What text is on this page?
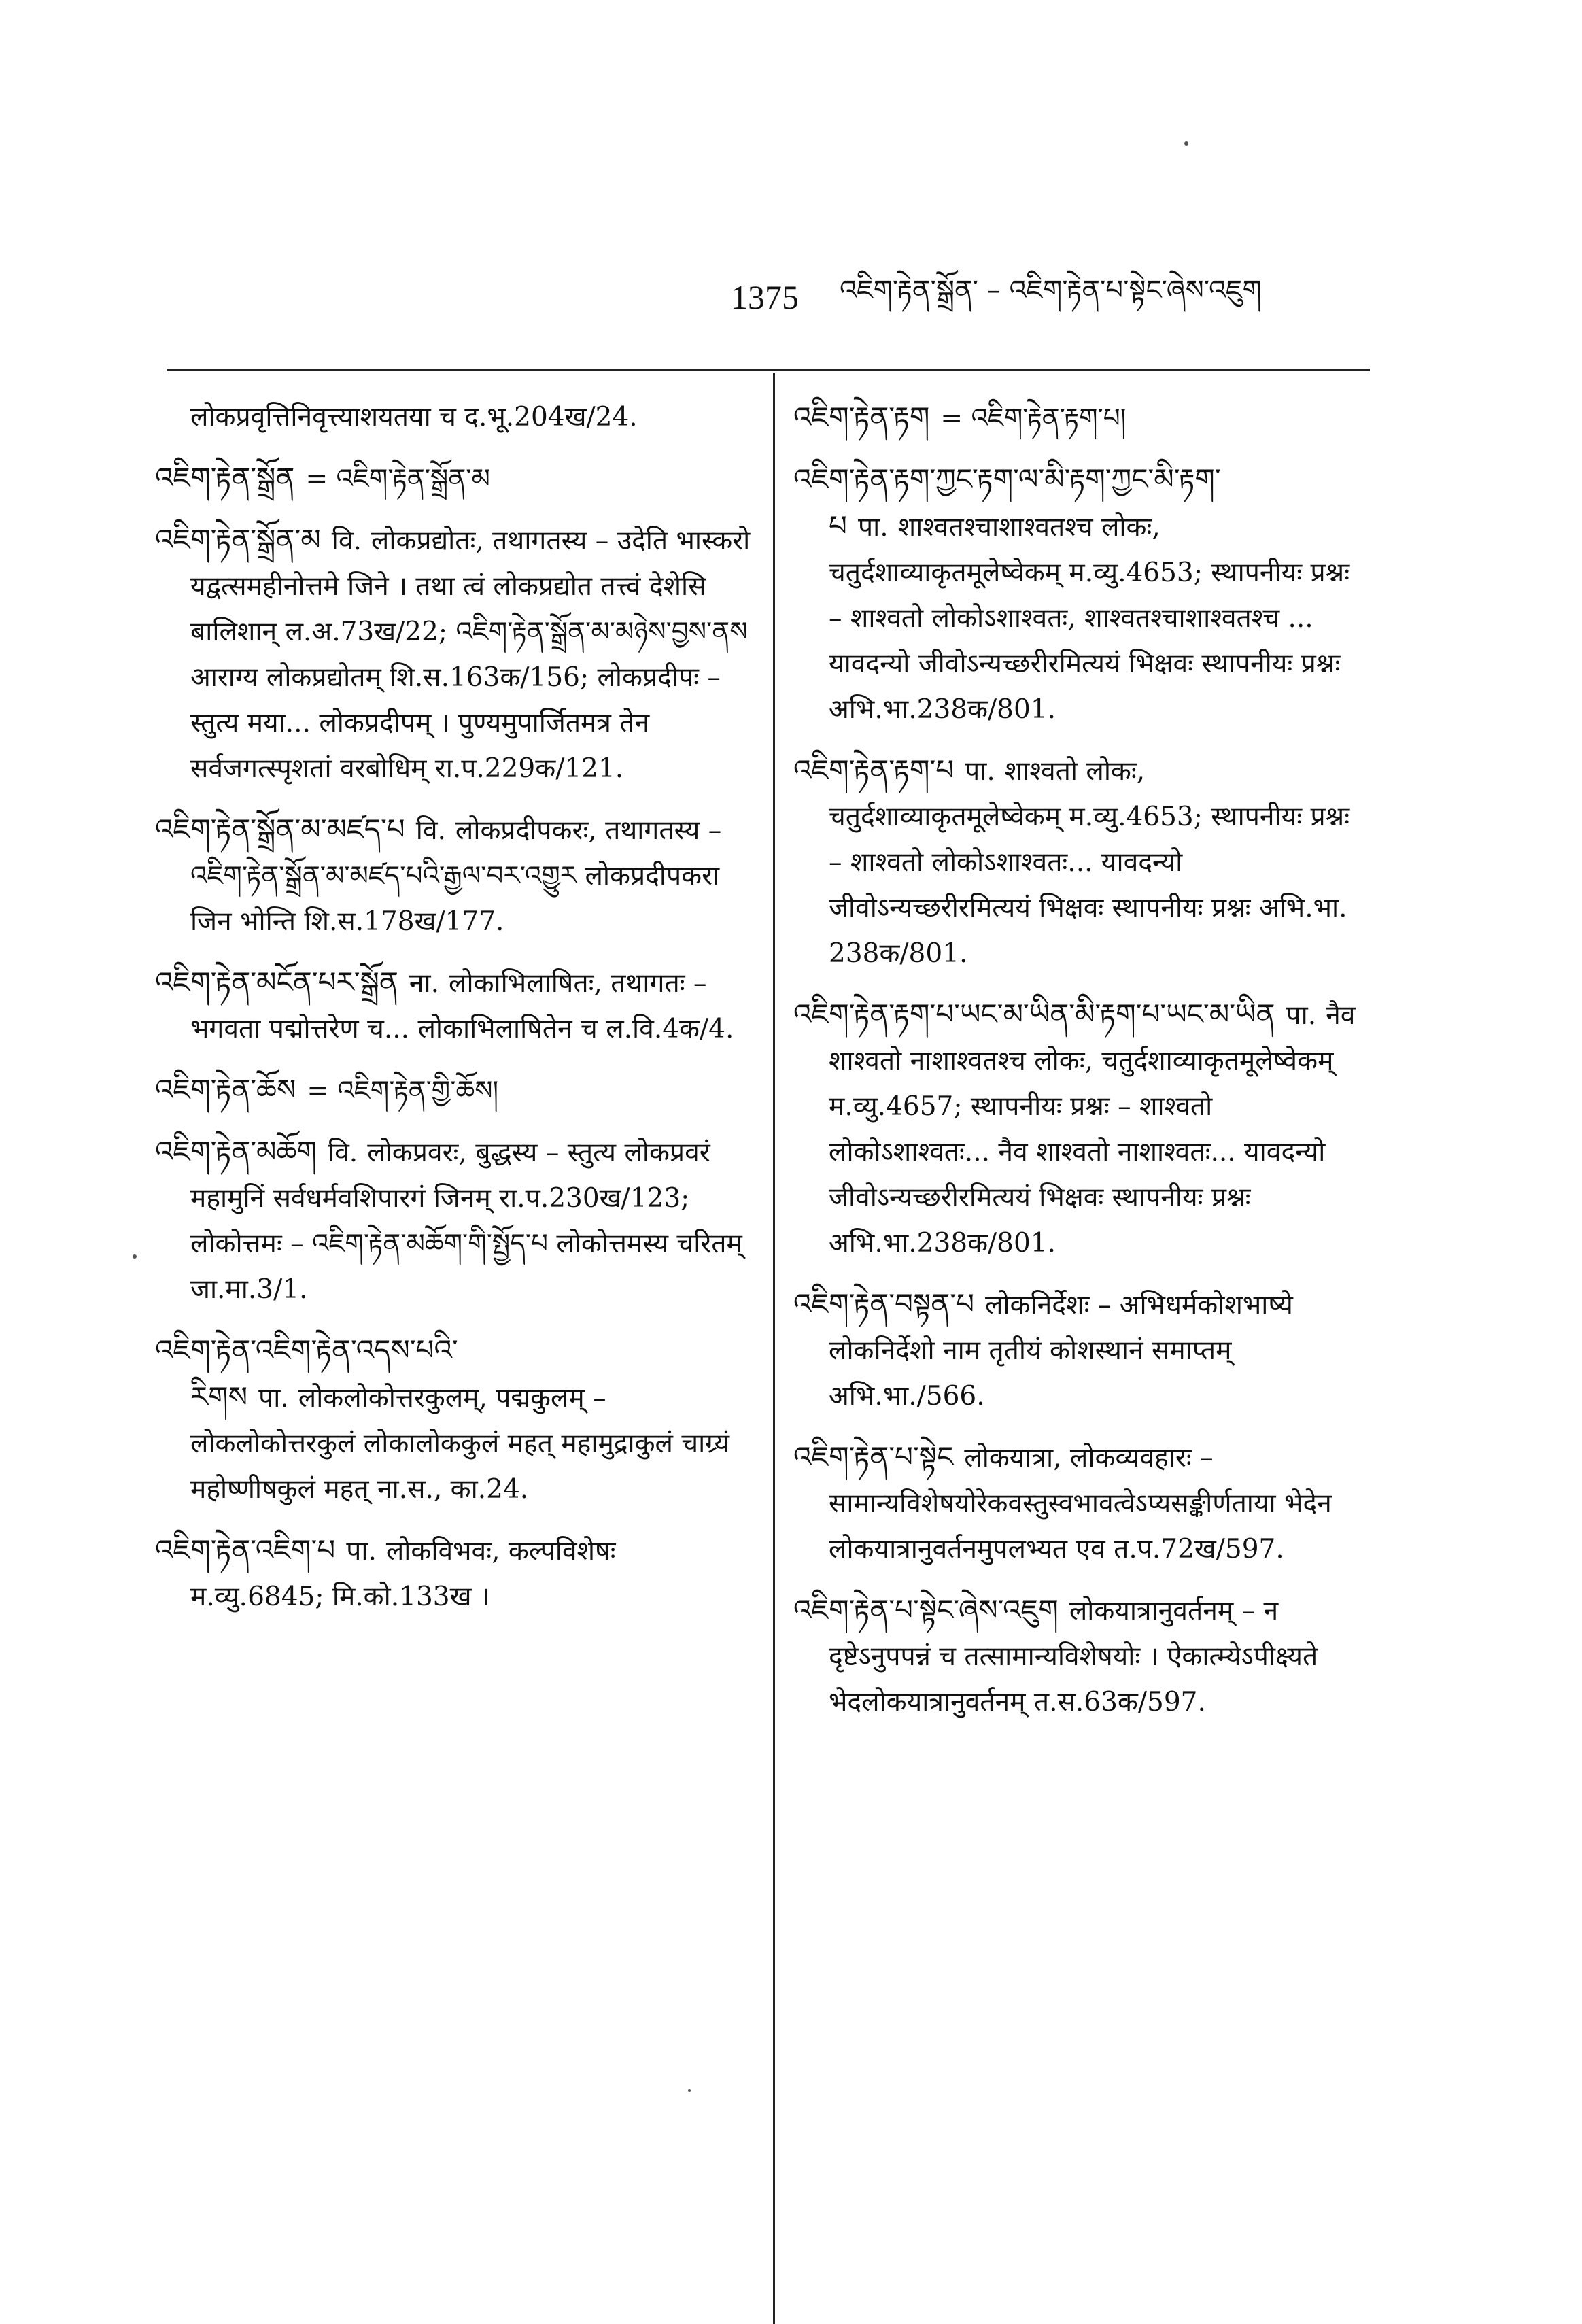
1375 འཇིག་རྟེན་སྒྲོན་ – འཇིག་རྟེན་པ་སྟེང་ཞེས་འཇུག

लोकप्रवृत्तिनिवृत्त्याशयतया च द.भू.204ख/24.

འཇིག་རྟེན་སྒྲོན = འཇིག་རྟེན་སྒྲོན་མ

འཇིག་རྟེན་སྒྲོན་མ वि. लोकप्रद्योतः, तथागतस्य – उदेति भास्करो यद्वत्समहीनोत्तमे जिने । तथा त्वं लोकप्रद्योत तत्त्वं देशेसि बालिशान् ल.अ.73ख/22; འཇིག་རྟེན་སྒྲོན་མ་མཉེས་བྱས་ནས आराग्य लोकप्रद्योतम् शि.स.163क/156; लोकप्रदीपः – स्तुत्य मया... लोकप्रदीपम् । पुण्यमुपार्जितमत्र तेन सर्वजगत्स्पृशतां वरबोधिम् रा.प.229क/121.

འཇིག་རྟེན་སྒྲོན་མ་མཛད་པ वि. लोकप्रदीपकरः, तथागतस्य – འཇིག་རྟེན་སྒྲོན་མ་མཛད་པའི་རྒྱལ་བར་འགྱུར लोकप्रदीपकरा जिन भोन्ति शि.स.178ख/177.

འཇིག་རྟེན་མངོན་པར་སྒྲོན ना. लोकाभिलाषितः, तथागतः – भगवता पद्मोत्तरेण च... लोकाभिलाषितेन च ल.वि.4क/4.

འཇིག་རྟེན་ཆོས = འཇིག་རྟེན་གྱི་ཆོས།

འཇིག་རྟེན་མཆོག वि. लोकप्रवरः, बुद्धस्य – स्तुत्य लोकप्रवरं महामुनिं सर्वधर्मवशिपारगं जिनम् रा.प.230ख/123; लोकोत्तमः – འཇིག་རྟེན་མཆོག་གི་སྤྱོད་པ लोकोत्तमस्य चरितम् जा.मा.3/1.

འཇིག་རྟེན་འཇིག་རྟེན་འདས་པའི་རིགས पा. लोकलोकोत्तरकुलम्, पद्मकुलम् – लोकलोकोत्तरकुलं लोकालोककुलं महत् महामुद्राकुलं चाग्र्यं महोष्णीषकुलं महत् ना.स., का.24.

འཇིག་རྟེན་འཇིག་པ पा. लोकविभवः, कल्पविशेषः म.व्यु.6845; मि.को.133ख ।

འཇིག་རྟེན་རྟག = འཇིག་རྟེན་རྟག་པ།

འཇིག་རྟེན་རྟག་ཀྱང་རྟག་ལ་མི་རྟག་ཀྱང་མི་རྟག་པ पा. शाश्वतश्चाशाश्वतश्च लोकः, चतुर्दशाव्याकृतमूलेष्वेकम् म.व्यु.4653; स्थापनीयः प्रश्नः – शाश्वतो लोकोऽशाश्वतः, शाश्वतश्चाशाश्वतश्च ... यावदन्यो जीवोऽन्यच्छरीरमित्ययं भिक्षवः स्थापनीयः प्रश्नः अभि.भा.238क/801.

འཇིག་རྟེན་རྟག་པ पा. शाश्वतो लोकः, चतुर्दशाव्याकृतमूलेष्वेकम् म.व्यु.4653; स्थापनीयः प्रश्नः – शाश्वतो लोकोऽशाश्वतः... यावदन्यो जीवोऽन्यच्छरीरमित्ययं भिक्षवः स्थापनीयः प्रश्नः अभि.भा. 238क/801.

འཇིག་རྟེན་རྟག་པ་ཡང་མ་ཡིན་མི་རྟག་པ་ཡང་མ་ཡིན पा. नैव शाश्वतो नाशाश्वतश्च लोकः, चतुर्दशाव्याकृतमूलेष्वेकम् म.व्यु.4657; स्थापनीयः प्रश्नः – शाश्वतो लोकोऽशाश्वतः... नैव शाश्वतो नाशाश्वतः... यावदन्यो जीवोऽन्यच्छरीरमित्ययं भिक्षवः स्थापनीयः प्रश्नः अभि.भा.238क/801.

འཇིག་རྟེན་བསྟན་པ लोकनिर्देशः – अभिधर्मकोशभाष्ये लोकनिर्देशो नाम तृतीयं कोशस्थानं समाप्तम् अभि.भा./566.

འཇིག་རྟེན་པ་སྟེང लोकयात्रा, लोकव्यवहारः – सामान्यविशेषयोरेकवस्तुस्वभावत्वेऽप्यसङ्कीर्णताया भेदेन लोकयात्रानुवर्तनमुपलभ्यत एव त.प.72ख/597.

འཇིག་རྟེན་པ་སྟེང་ཞེས་འཇུག लोकयात्रानुवर्तनम् – न दृष्टेऽनुपपन्नं च तत्सामान्यविशेषयोः । ऐकात्म्येऽपीक्ष्यते भेदलोकयात्रानुवर्तनम् त.स.63क/597.
